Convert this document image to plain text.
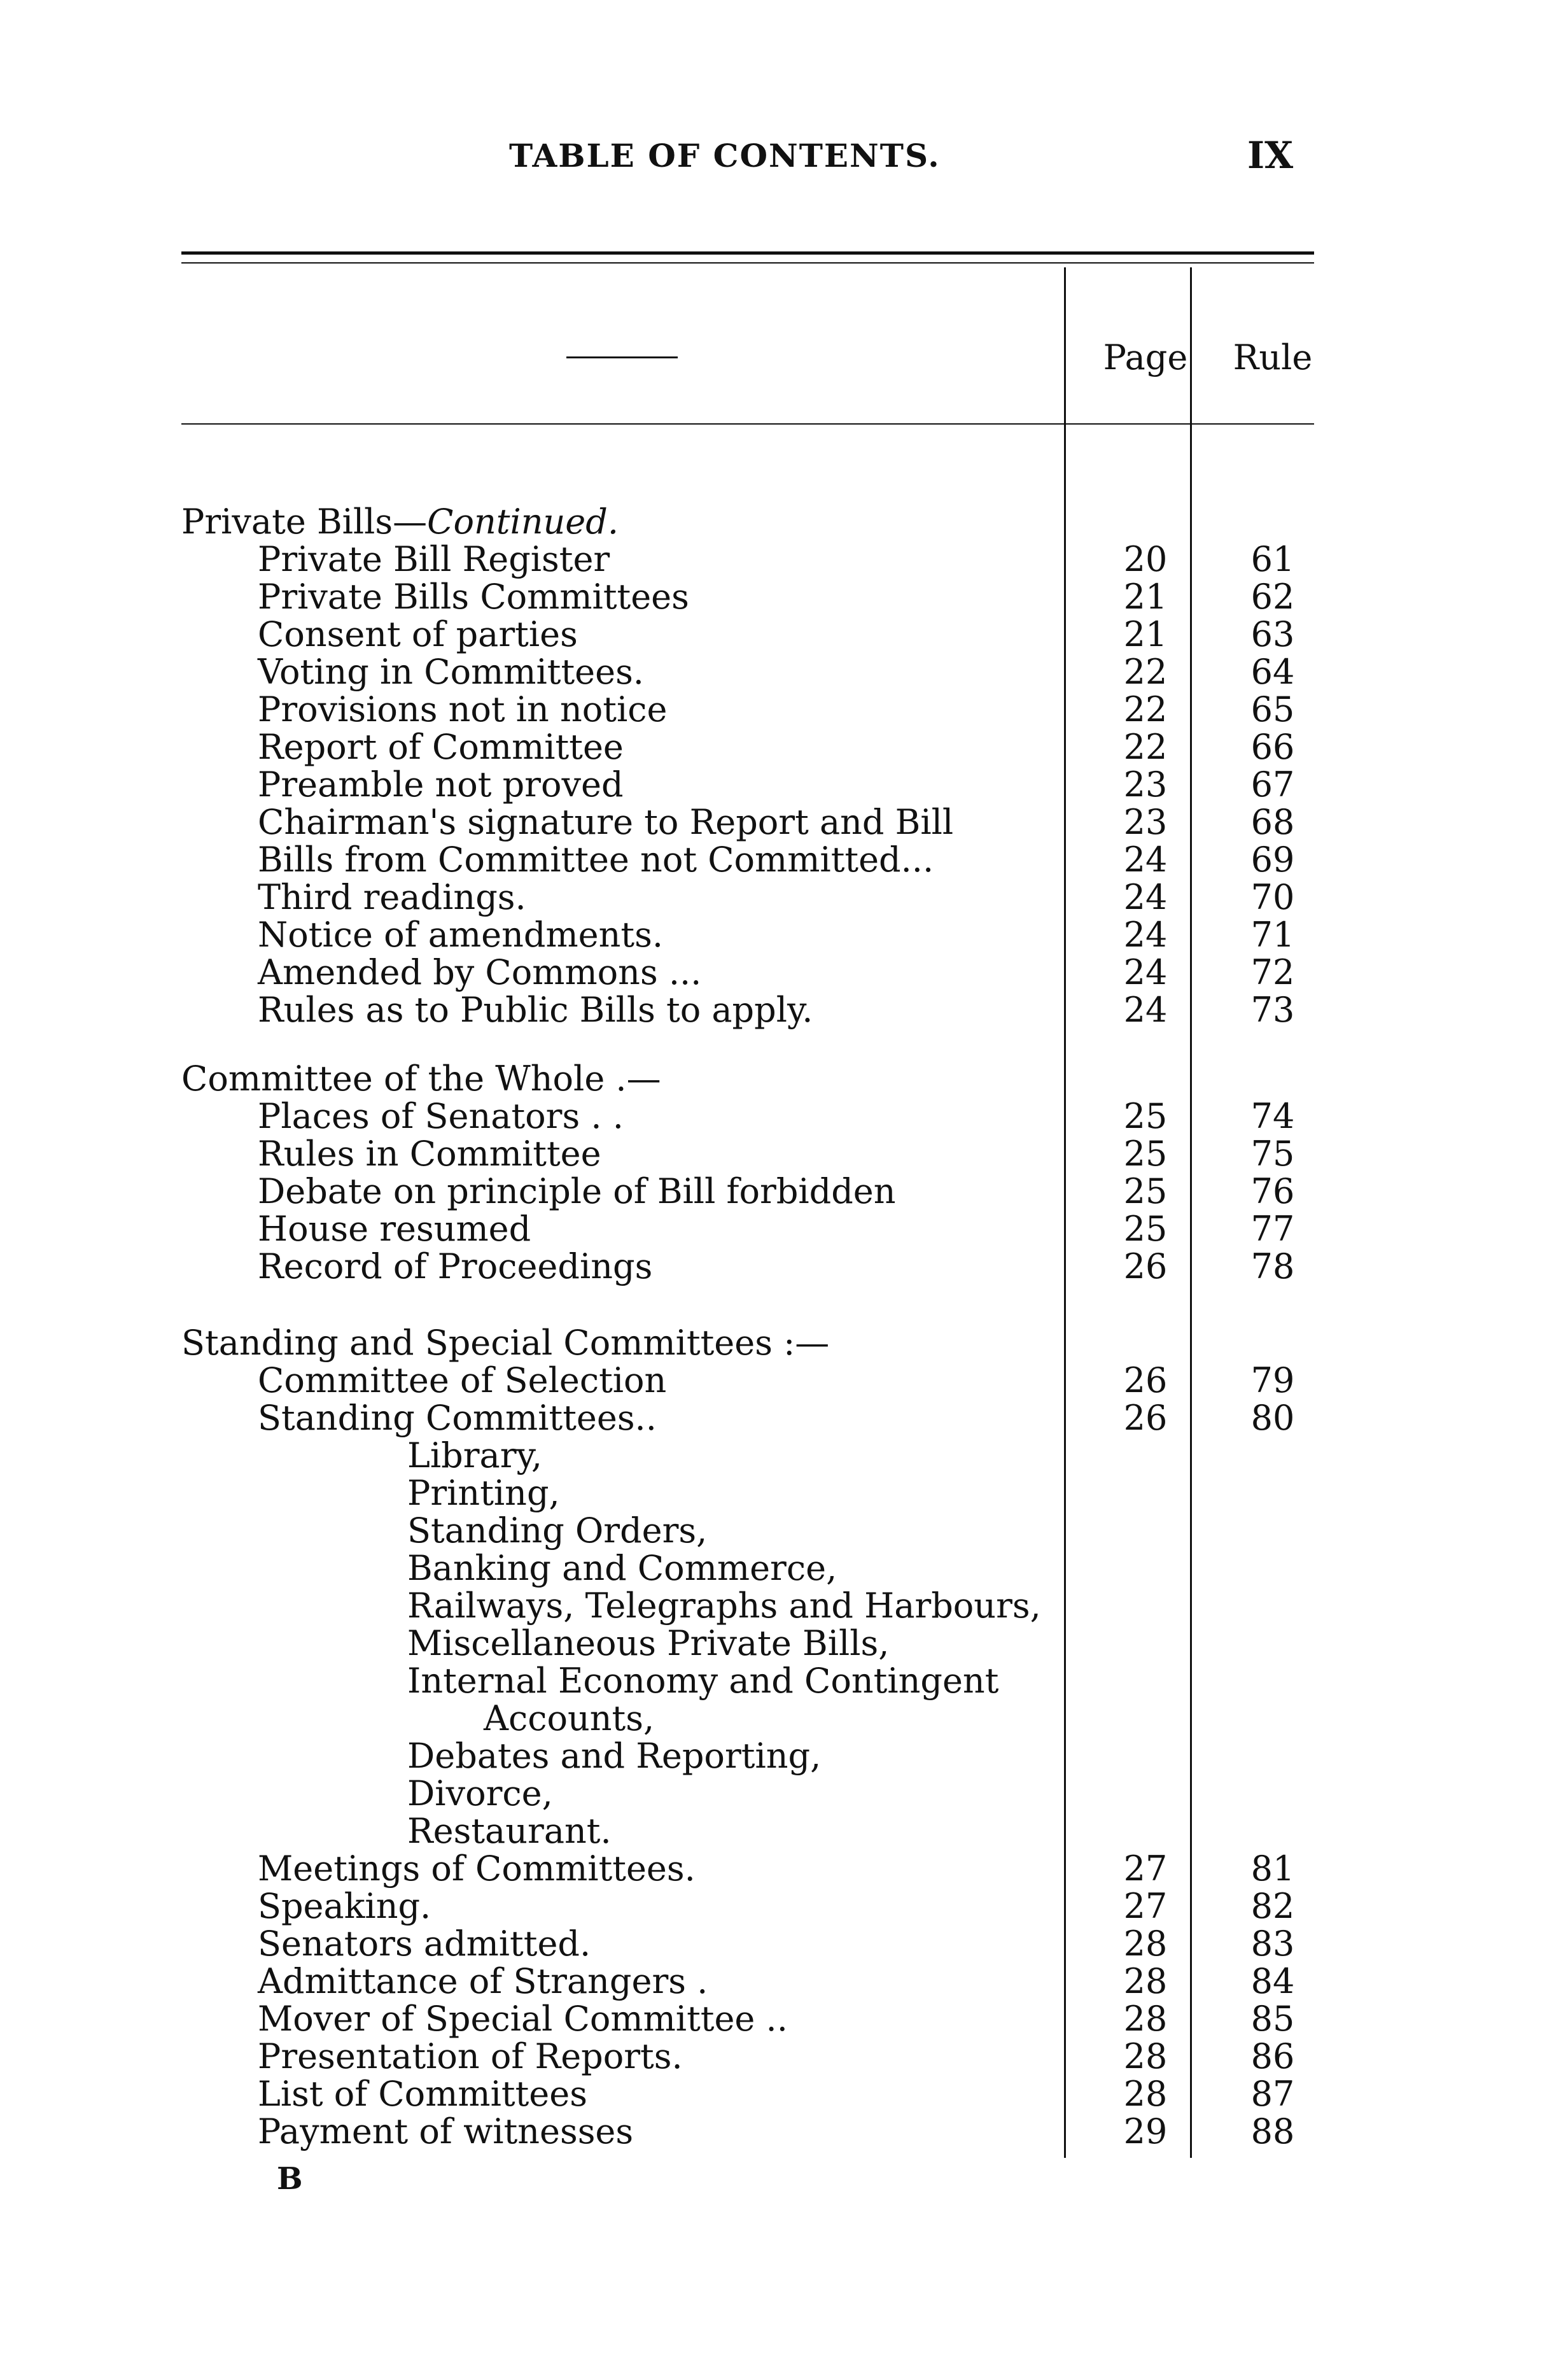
TABLE OF CONTENTS.	IX
Page	Rule
Private Bills—Continued.
Private Bill Register	20	61
Private Bills Committees	21	62
Consent of parties	21	63
Voting in Committees.	22	64
Provisions not in notice	22	65
Report of Committee	22	66
Preamble not proved	23	67
Chairman's signature to Report and Bill	23	68
Bills from Committee not Committed...	24	69
Third readings.	24	70
Notice of amendments.	24	71
Amended by Commons ...	24	72
Rules as to Public Bills to apply.	24	73
Committee of the Whole .—
Places of Senators . .	25	74
Rules in Committee	25	75
Debate on principle of Bill forbidden	25	76
House resumed	25	77
Record of Proceedings	26	78
Standing and Special Committees :—
Committee of Selection	26	79
Standing Committees..	26	80
Library,
Printing,
Standing Orders,
Banking and Commerce,
Railways, Telegraphs and Harbours,
Miscellaneous Private Bills,
Internal Economy and Contingent
Accounts,
Debates and Reporting,
Divorce,
Restaurant.
Meetings of Committees.	27	81
Speaking.	27	82
Senators admitted.	28	83
Admittance of Strangers .	28	84
Mover of Special Committee ..	28	85
Presentation of Reports.	28	86
List of Committees	28	87
Payment of witnesses	29	88
B
